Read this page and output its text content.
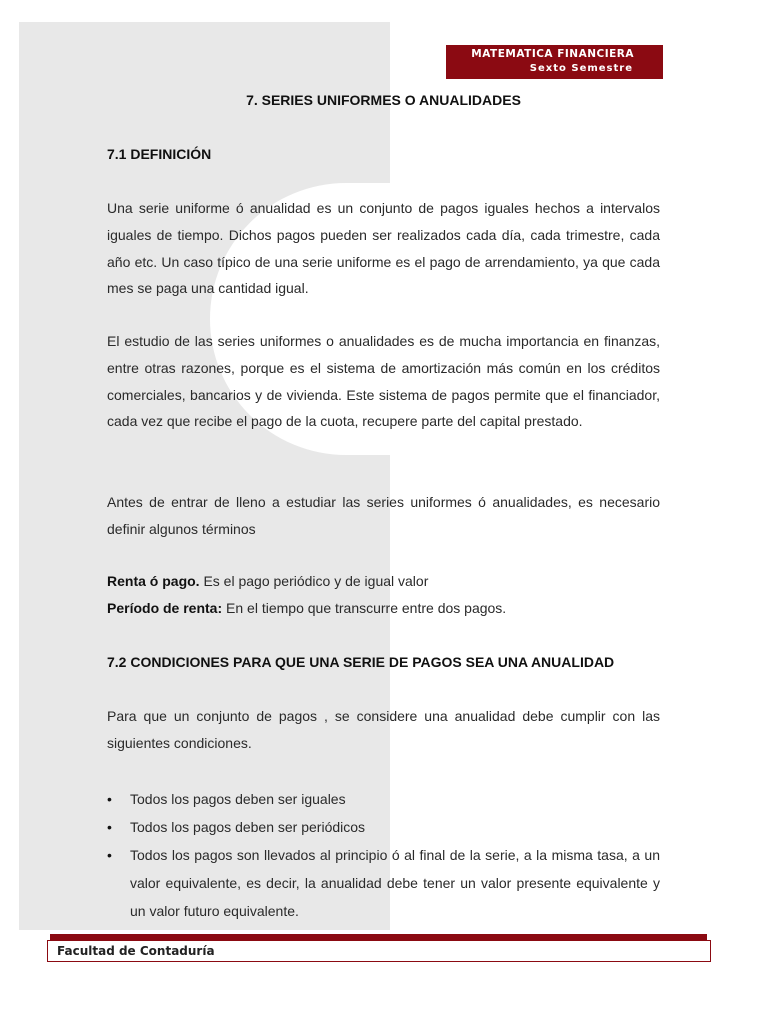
MATEMATICA FINANCIERA
Sexto Semestre
7. SERIES UNIFORMES O ANUALIDADES
7.1 DEFINICIÓN

Una serie uniforme ó anualidad es un conjunto de pagos iguales hechos a intervalos iguales de tiempo. Dichos pagos pueden ser realizados cada día, cada trimestre, cada año etc. Un caso típico de una serie uniforme es el pago de arrendamiento, ya que cada mes se paga una cantidad igual.

El estudio de las series uniformes o anualidades es de mucha importancia en finanzas, entre otras razones, porque es el sistema de amortización más común en los créditos comerciales, bancarios y de vivienda. Este sistema de pagos permite que el financiador, cada vez que recibe el pago de la cuota, recupere parte del capital prestado.

Antes de entrar de lleno a estudiar las series uniformes ó anualidades, es necesario definir algunos términos

Renta ó pago. Es el pago periódico y de igual valor
Período de renta: En el tiempo que transcurre entre dos pagos.
7.2 CONDICIONES PARA QUE UNA SERIE DE PAGOS SEA UNA ANUALIDAD

Para que un conjunto de pagos , se considere una anualidad debe cumplir con las siguientes condiciones.

• Todos los pagos deben ser iguales
• Todos los pagos deben ser periódicos
• Todos los pagos son llevados al principio ó al final de la serie, a la misma tasa, a un valor equivalente, es decir, la anualidad debe tener un valor presente equivalente y un valor futuro equivalente.
Facultad de Contaduría
